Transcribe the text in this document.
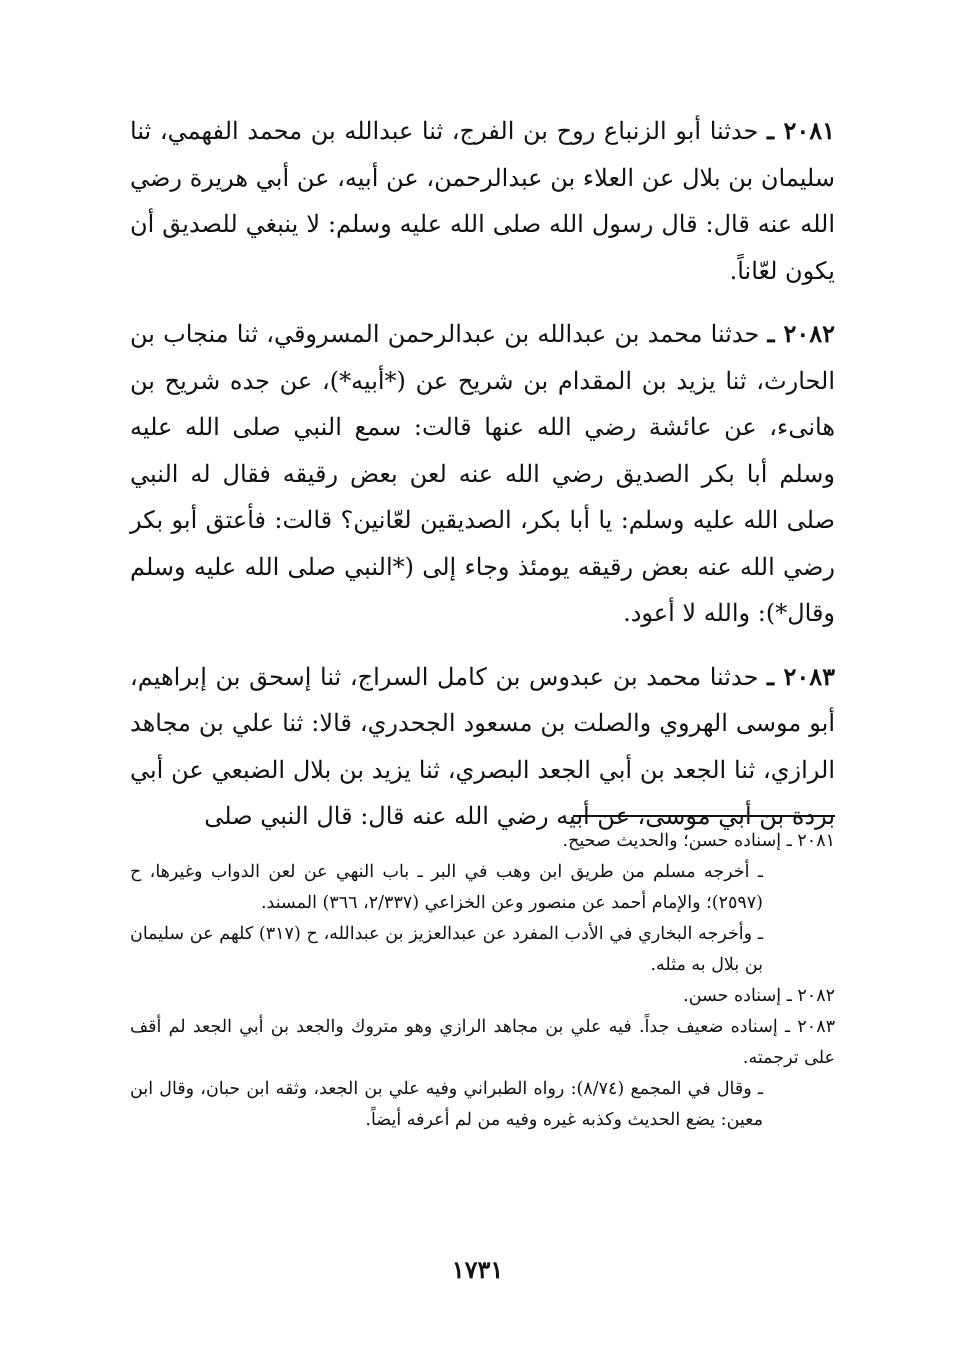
٢٠٨١ ـ حدثنا أبو الزنباع روح بن الفرج، ثنا عبدالله بن محمد الفهمي، ثنا سليمان بن بلال عن العلاء بن عبدالرحمن، عن أبيه، عن أبي هريرة رضي الله عنه قال: قال رسول الله صلى الله عليه وسلم: لا ينبغي للصديق أن يكون لعّاناً.

٢٠٨٢ ـ حدثنا محمد بن عبدالله بن عبدالرحمن المسروقي، ثنا منجاب بن الحارث، ثنا يزيد بن المقدام بن شريح عن (*أبيه*)، عن جده شريح بن هانىء، عن عائشة رضي الله عنها قالت: سمع النبي صلى الله عليه وسلم أبا بكر الصديق رضي الله عنه لعن بعض رقيقه فقال له النبي صلى الله عليه وسلم: يا أبا بكر، الصديقين لعّانين؟ قالت: فأعتق أبو بكر رضي الله عنه بعض رقيقه يومئذ وجاء إلى (*النبي صلى الله عليه وسلم وقال*): والله لا أعود.

٢٠٨٣ ـ حدثنا محمد بن عبدوس بن كامل السراج، ثنا إسحق بن إبراهيم، أبو موسى الهروي والصلت بن مسعود الجحدري، قالا: ثنا علي بن مجاهد الرازي، ثنا الجعد بن أبي الجعد البصري، ثنا يزيد بن بلال الضبعي عن أبي بردة بن أبي موسى، عن أبيه رضي الله عنه قال: قال النبي صلى

٢٠٨١ ـ إسناده حسن؛ والحديث صحيح.

ـ أخرجه مسلم من طريق ابن وهب في البر ـ باب النهي عن لعن الدواب وغيرها، ح (٢٥٩٧)؛ والإمام أحمد عن منصور وعن الخزاعي (٢/٣٣٧، ٣٦٦) المسند.

ـ وأخرجه البخاري في الأدب المفرد عن عبدالعزيز بن عبدالله، ح (٣١٧) كلهم عن سليمان بن بلال به مثله.

٢٠٨٢ ـ إسناده حسن.

٢٠٨٣ ـ إسناده ضعيف جداً. فيه علي بن مجاهد الرازي وهو متروك والجعد بن أبي الجعد لم أقف على ترجمته.

ـ وقال في المجمع (٨/٧٤): رواه الطبراني وفيه علي بن الجعد، وثقه ابن حبان، وقال ابن معين: يضع الحديث وكذبه غيره وفيه من لم أعرفه أيضاً.

١٧٣١
